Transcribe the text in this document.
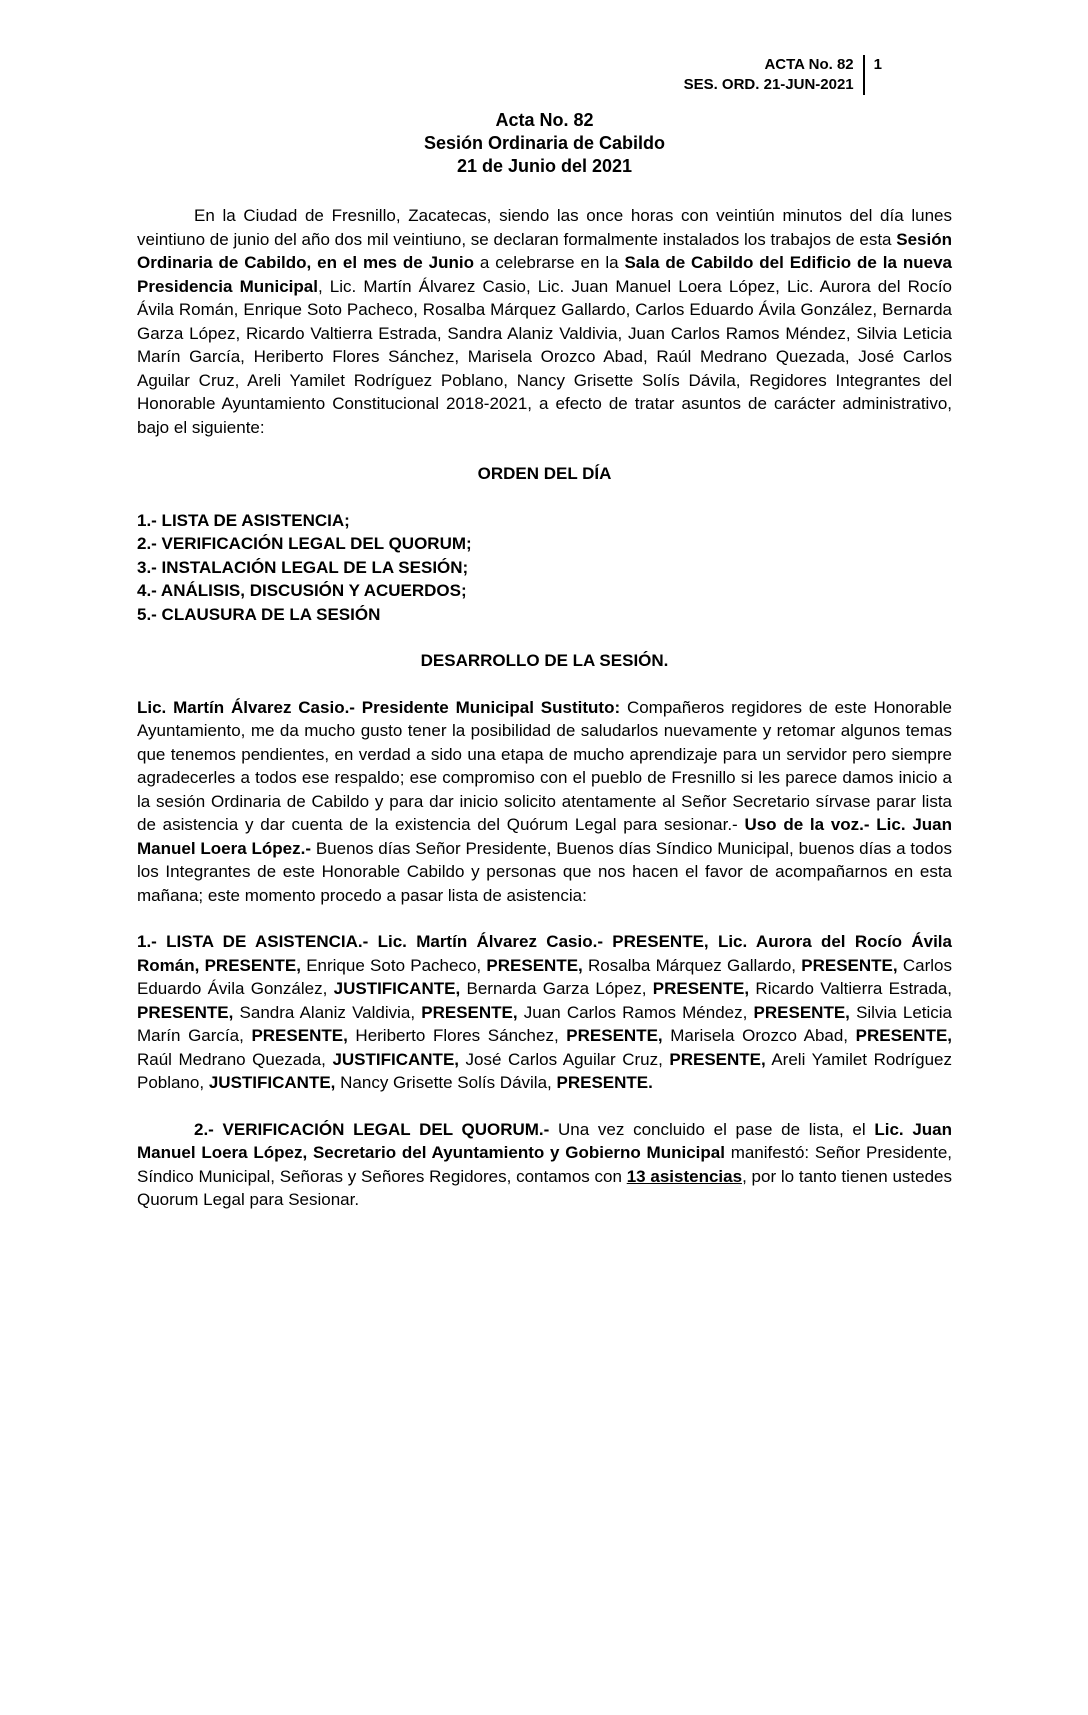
ACTA No. 82
SES. ORD. 21-JUN-2021
1
Acta No. 82
Sesión Ordinaria de Cabildo
21 de Junio del 2021

En la Ciudad de Fresnillo, Zacatecas, siendo las once horas con veintiún minutos del día lunes veintiuno de junio del año dos mil veintiuno, se declaran formalmente instalados los trabajos de esta Sesión Ordinaria de Cabildo, en el mes de Junio a celebrarse en la Sala de Cabildo del Edificio de la nueva Presidencia Municipal, Lic. Martín Álvarez Casio, Lic. Juan Manuel Loera López, Lic. Aurora del Rocío Ávila Román, Enrique Soto Pacheco, Rosalba Márquez Gallardo, Carlos Eduardo Ávila González, Bernarda Garza López, Ricardo Valtierra Estrada, Sandra Alaniz Valdivia, Juan Carlos Ramos Méndez, Silvia Leticia Marín García, Heriberto Flores Sánchez, Marisela Orozco Abad, Raúl Medrano Quezada, José Carlos Aguilar Cruz, Areli Yamilet Rodríguez Poblano, Nancy Grisette Solís Dávila, Regidores Integrantes del Honorable Ayuntamiento Constitucional 2018-2021, a efecto de tratar asuntos de carácter administrativo, bajo el siguiente:

ORDEN DEL DÍA

1.- LISTA DE ASISTENCIA;
2.- VERIFICACIÓN LEGAL DEL QUORUM;
3.- INSTALACIÓN LEGAL DE LA SESIÓN;
4.- ANÁLISIS, DISCUSIÓN Y ACUERDOS;
5.- CLAUSURA DE LA SESIÓN

DESARROLLO DE LA SESIÓN.

Lic. Martín Álvarez Casio.- Presidente Municipal Sustituto: Compañeros regidores de este Honorable Ayuntamiento, me da mucho gusto tener la posibilidad de saludarlos nuevamente y retomar algunos temas que tenemos pendientes, en verdad a sido una etapa de mucho aprendizaje para un servidor pero siempre agradecerles a todos ese respaldo; ese compromiso con el pueblo de Fresnillo si les parece damos inicio a la sesión Ordinaria de Cabildo y para dar inicio solicito atentamente al Señor Secretario sírvase parar lista de asistencia y dar cuenta de la existencia del Quórum Legal para sesionar.- Uso de la voz.- Lic. Juan Manuel Loera López.- Buenos días Señor Presidente, Buenos días Síndico Municipal, buenos días a todos los Integrantes de este Honorable Cabildo y personas que nos hacen el favor de acompañarnos en esta mañana; este momento procedo a pasar lista de asistencia:

1.- LISTA DE ASISTENCIA.- Lic. Martín Álvarez Casio.- PRESENTE, Lic. Aurora del Rocío Ávila Román, PRESENTE, Enrique Soto Pacheco, PRESENTE, Rosalba Márquez Gallardo, PRESENTE, Carlos Eduardo Ávila González, JUSTIFICANTE, Bernarda Garza López, PRESENTE, Ricardo Valtierra Estrada, PRESENTE, Sandra Alaniz Valdivia, PRESENTE, Juan Carlos Ramos Méndez, PRESENTE, Silvia Leticia Marín García, PRESENTE, Heriberto Flores Sánchez, PRESENTE, Marisela Orozco Abad, PRESENTE, Raúl Medrano Quezada, JUSTIFICANTE, José Carlos Aguilar Cruz, PRESENTE, Areli Yamilet Rodríguez Poblano, JUSTIFICANTE, Nancy Grisette Solís Dávila, PRESENTE.

2.- VERIFICACIÓN LEGAL DEL QUORUM.- Una vez concluido el pase de lista, el Lic. Juan Manuel Loera López, Secretario del Ayuntamiento y Gobierno Municipal manifestó: Señor Presidente, Síndico Municipal, Señoras y Señores Regidores, contamos con 13 asistencias, por lo tanto tienen ustedes Quorum Legal para Sesionar.
